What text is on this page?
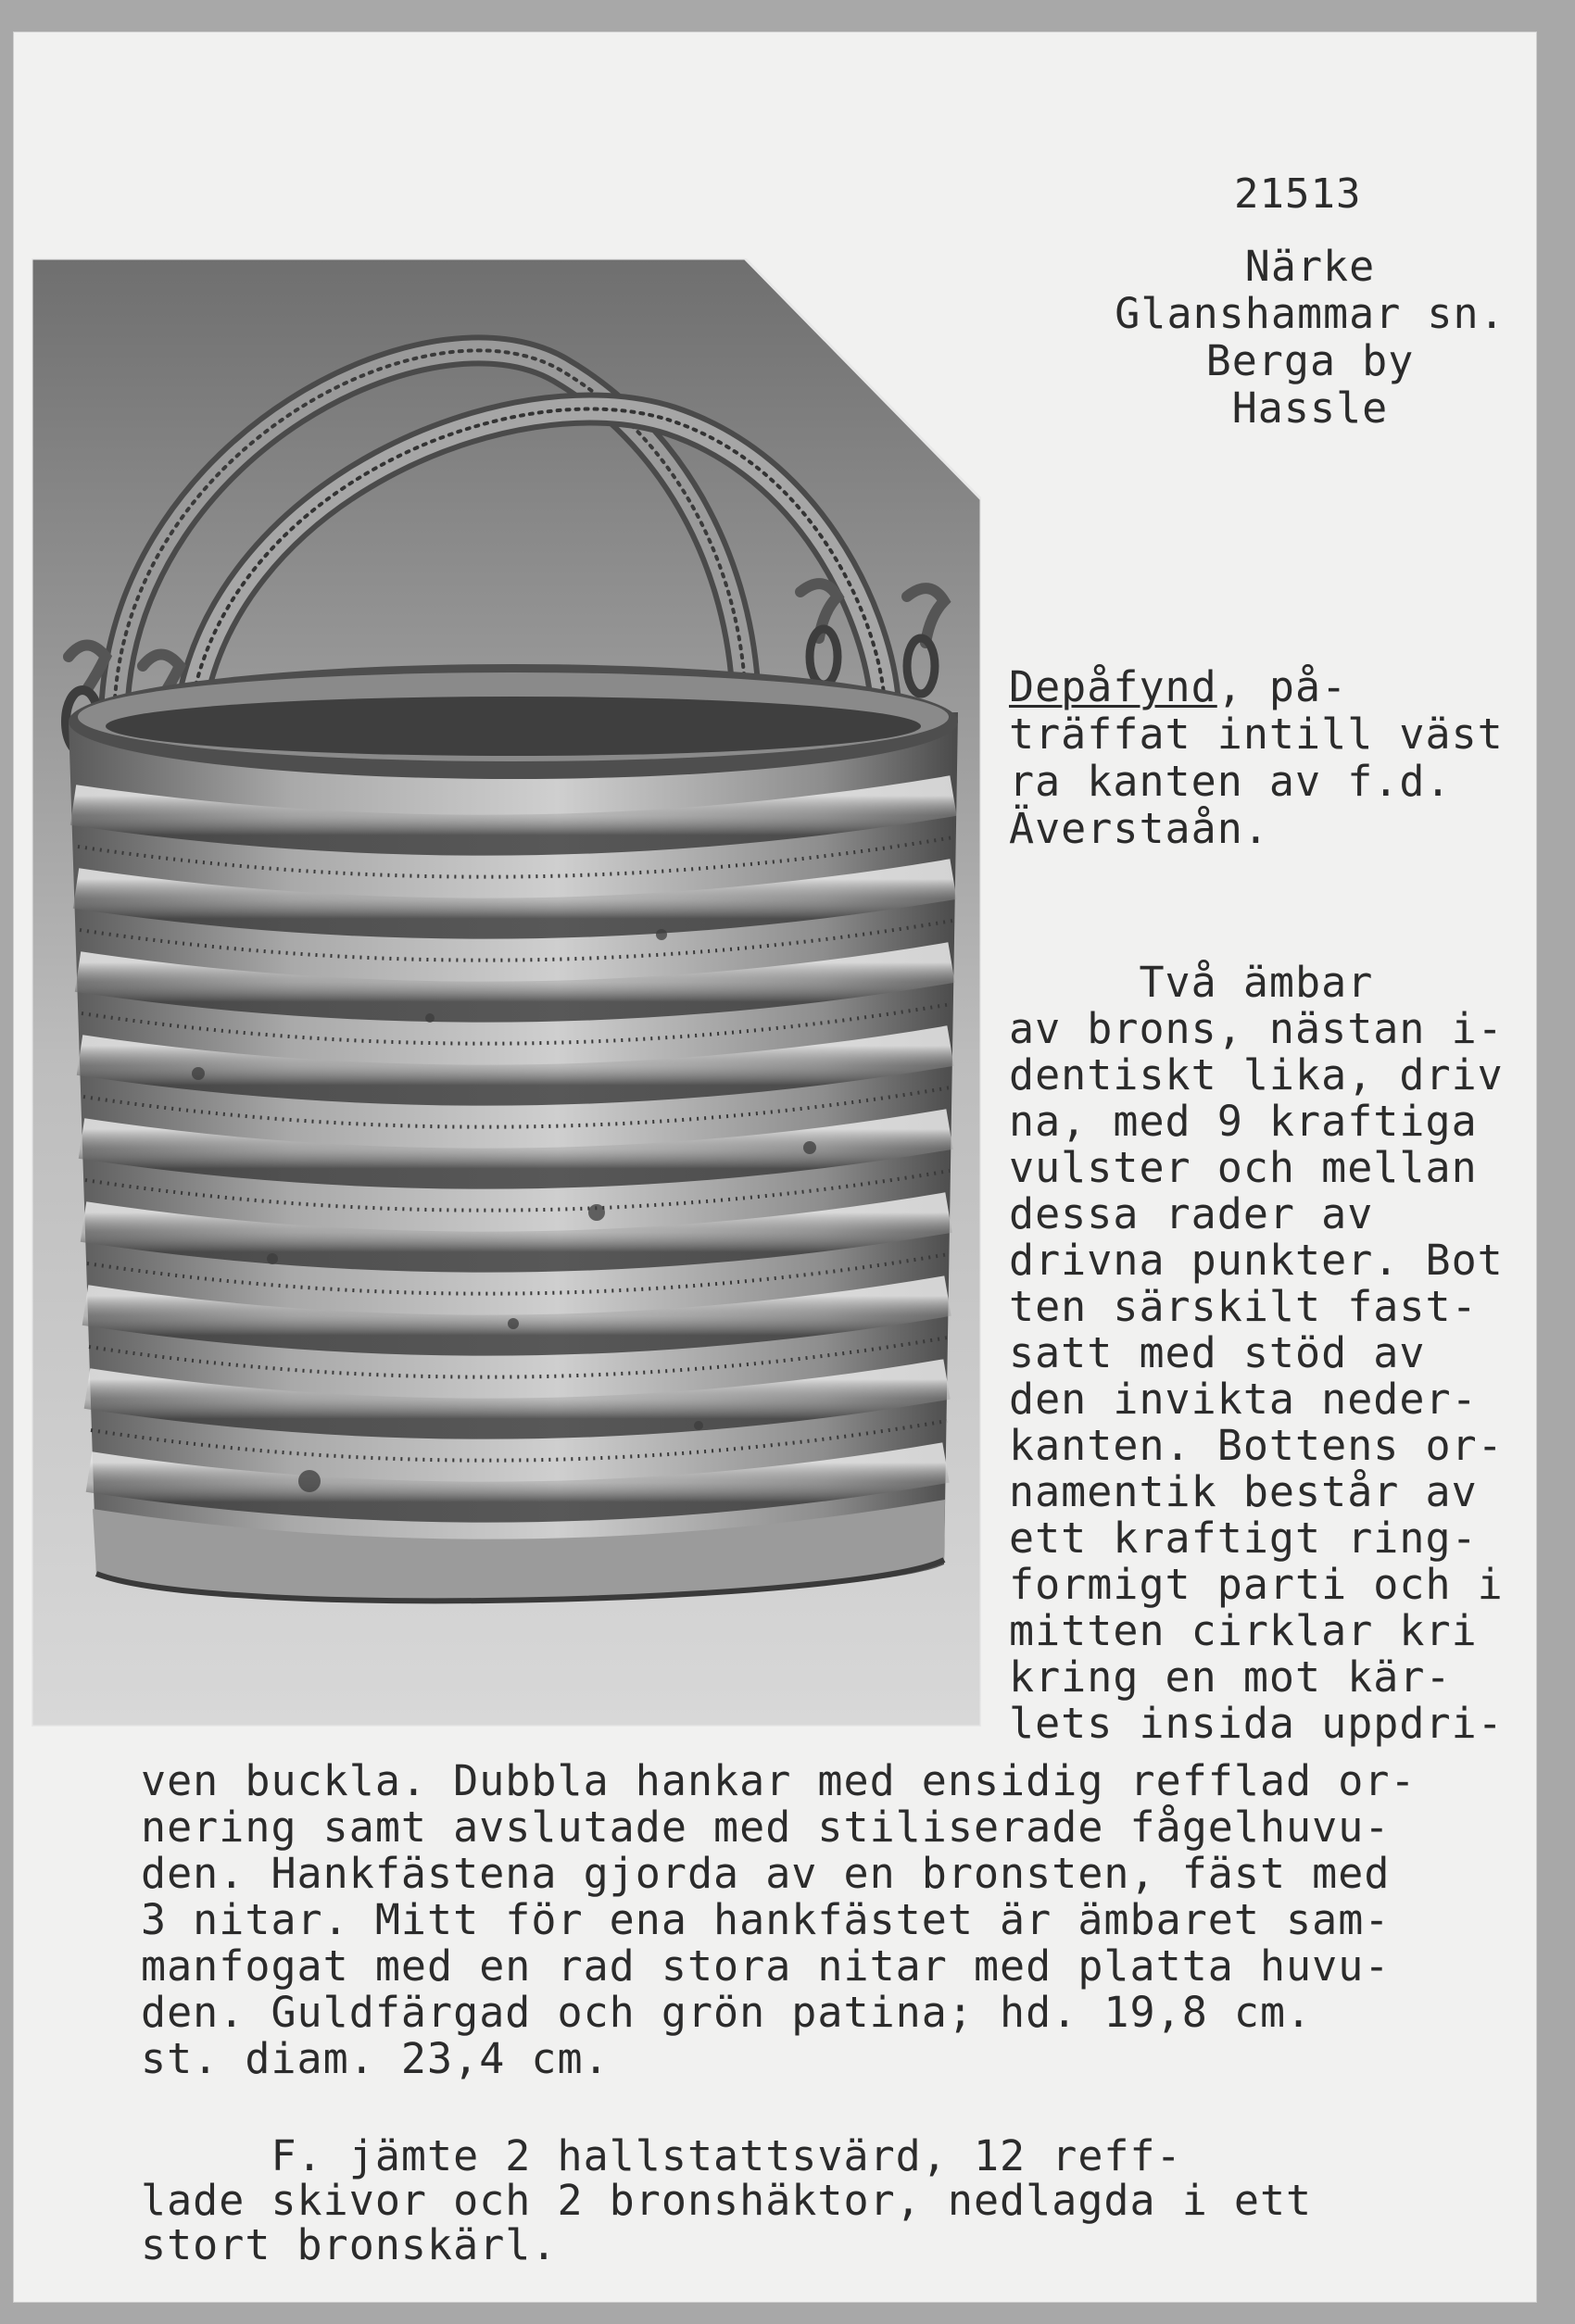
21513
Närke
Glanshammar sn.
Berga by
Hassle
Depåfynd, på-
träffat intill väst
ra kanten av f.d.
Äverstaån.
Två ämbar
av brons, nästan i-
dentiskt lika, driv
na, med 9 kraftiga
vulster och mellan
dessa rader av
drivna punkter. Bot
ten särskilt fast-
satt med stöd av
den invikta neder-
kanten. Bottens or-
namentik består av
ett kraftigt ring-
formigt parti och i
mitten cirklar kri
kring en mot kär-
lets insida uppdri-
ven buckla. Dubbla hankar med ensidig refflad or-
nering samt avslutade med stiliserade fågelhuvu-
den. Hankfästena gjorda av en bronsten, fäst med
3 nitar. Mitt för ena hankfästet är ämbaret sam-
manfogat med en rad stora nitar med platta huvu-
den. Guldfärgad och grön patina; hd. 19,8 cm.
st. diam. 23,4 cm.
F. jämte 2 hallstattsvärd, 12 reff-
lade skivor och 2 bronshäktor, nedlagda i ett
stort bronskärl.
